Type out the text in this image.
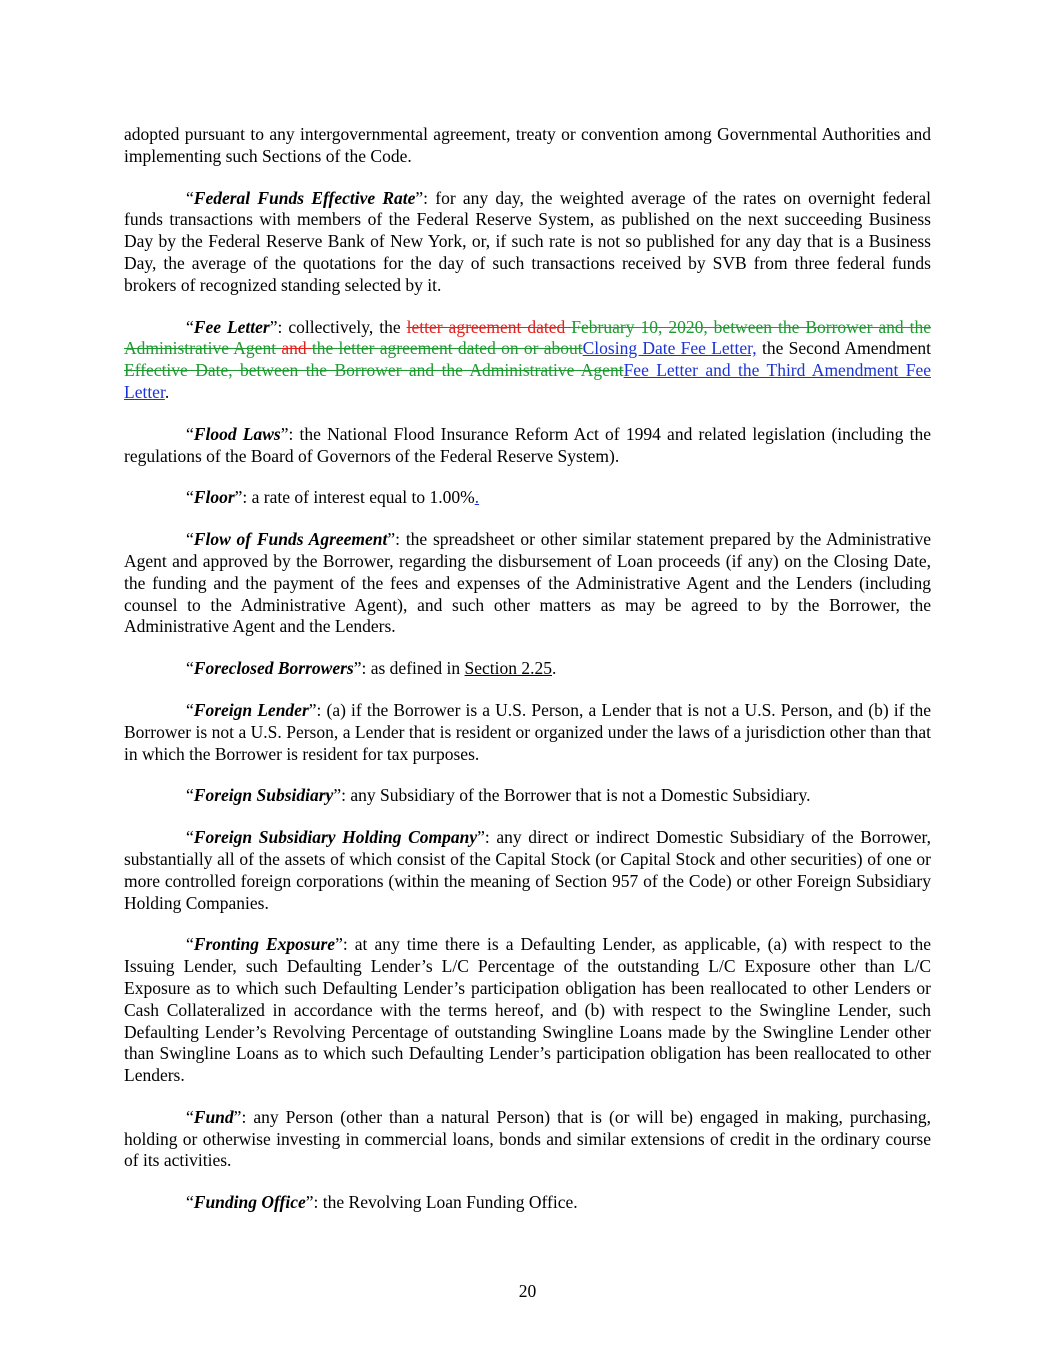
adopted pursuant to any intergovernmental agreement, treaty or convention among Governmental Authorities and implementing such Sections of the Code.

“Federal Funds Effective Rate”: for any day, the weighted average of the rates on overnight federal funds transactions with members of the Federal Reserve System, as published on the next succeeding Business Day by the Federal Reserve Bank of New York, or, if such rate is not so published for any day that is a Business Day, the average of the quotations for the day of such transactions received by SVB from three federal funds brokers of recognized standing selected by it.

“Fee Letter”: collectively, the letter agreement dated February 10, 2020, between the Borrower and the Administrative Agent and the letter agreement dated on or aboutClosing Date Fee Letter, the Second Amendment Effective Date, between the Borrower and the Administrative AgentFee Letter and the Third Amendment Fee Letter.

“Flood Laws”: the National Flood Insurance Reform Act of 1994 and related legislation (including the regulations of the Board of Governors of the Federal Reserve System).

“Floor”: a rate of interest equal to 1.00%.

“Flow of Funds Agreement”: the spreadsheet or other similar statement prepared by the Administrative Agent and approved by the Borrower, regarding the disbursement of Loan proceeds (if any) on the Closing Date, the funding and the payment of the fees and expenses of the Administrative Agent and the Lenders (including counsel to the Administrative Agent), and such other matters as may be agreed to by the Borrower, the Administrative Agent and the Lenders.

“Foreclosed Borrowers”: as defined in Section 2.25.

“Foreign Lender”: (a) if the Borrower is a U.S. Person, a Lender that is not a U.S. Person, and (b) if the Borrower is not a U.S. Person, a Lender that is resident or organized under the laws of a jurisdiction other than that in which the Borrower is resident for tax purposes.

“Foreign Subsidiary”: any Subsidiary of the Borrower that is not a Domestic Subsidiary.

“Foreign Subsidiary Holding Company”: any direct or indirect Domestic Subsidiary of the Borrower, substantially all of the assets of which consist of the Capital Stock (or Capital Stock and other securities) of one or more controlled foreign corporations (within the meaning of Section 957 of the Code) or other Foreign Subsidiary Holding Companies.

“Fronting Exposure”: at any time there is a Defaulting Lender, as applicable, (a) with respect to the Issuing Lender, such Defaulting Lender’s L/C Percentage of the outstanding L/C Exposure other than L/C Exposure as to which such Defaulting Lender’s participation obligation has been reallocated to other Lenders or Cash Collateralized in accordance with the terms hereof, and (b) with respect to the Swingline Lender, such Defaulting Lender’s Revolving Percentage of outstanding Swingline Loans made by the Swingline Lender other than Swingline Loans as to which such Defaulting Lender’s participation obligation has been reallocated to other Lenders.

“Fund”: any Person (other than a natural Person) that is (or will be) engaged in making, purchasing, holding or otherwise investing in commercial loans, bonds and similar extensions of credit in the ordinary course of its activities.

“Funding Office”: the Revolving Loan Funding Office.

20
